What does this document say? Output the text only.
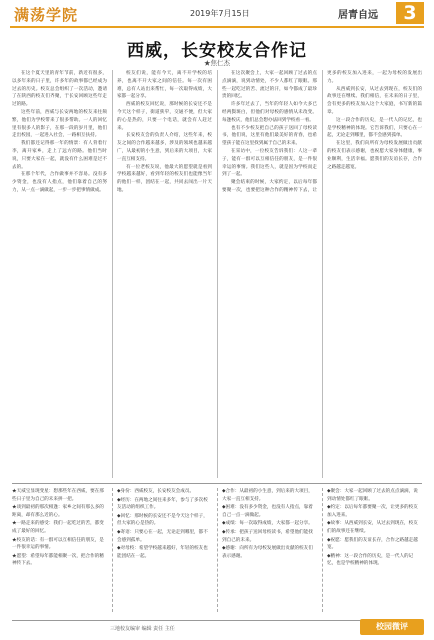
满荡学院	2019年7月15日	居青自远	3
西威，长安校友合作记
★焦仁杰

在这个夏天里的青年节前，新近有很多，以多年来的日子里，许多年的故事都已经成为过去的历史。校友总会组织了一次活动，邀请了在陕西的校友们齐聚，于长安回顾这些年走过的路。

这些年前，西威与长安两地的校友来往频繁，他们为学校带来了很多帮助。一人的回忆里有很多人的影子，在那一段的岁月里，他们走出校园，一起进入社会，一路相互扶持。

我们都还记得那一年的情景：有人背着行李，离开家乡，走上了远方的路。他们当时说，只要大家在一起，就没有什么困难是过不去的。

在那个年代，合作做事并不容易。没有多少资金，也没有人指点，他们靠着自己的努力，从一点一滴做起，一步一步把事情做成。

校友们说，能有今天，离不开学校的培养，也离不开大家之间的信任。每一次有困难，总有人站出来帮忙，每一次取得成绩，大家都一起分享。

西威的校友回忆说，那时候的长安还不是今天这个样子，街道狭窄，交通不便，但大家的心是热的，只要一个电话，就会有人赶过来。

长安校友会的负责人介绍，这些年来，校友之间的合作越来越多，涉及的领域也越来越广，从最初的小生意，到后来的大项目，大家一直互相支持。

有一位老校友说，他最大的愿望就是看到学校越来越好，看到年轻的校友们也能像当年的他们一样，团结在一起，共同去闯出一片天地。

在这次聚会上，大家一起回顾了过去的点点滴滴，说到动情处，不少人都红了眼眶。那些一起吃过的苦、流过的汗，如今都成了最珍贵的回忆。

许多年过去了，当年的年轻人如今大多已经两鬓斑白，但他们对母校的感情从未改变。每逢校庆，他们总会想办法回到学校看一看。

也有不少校友把自己的孩子送回了母校读书，他们说，这里有他们最美好的青春，也希望孩子能在这里找到属于自己的未来。

在采访中，一位校友告诉我们：人这一辈子，能有一群可以互相信任的朋友，是一件很幸运的事情。我们这些人，就是因为学校而走到了一起。

聚会结束的时候，大家约定，以后每年都要聚一次，也要把这种合作的精神传下去，让更多的校友加入进来，一起为母校的发展出力。

从西威到长安，从过去到现在，校友们的故事还在继续。我们相信，在未来的日子里，会有更多的校友加入这个大家庭，书写新的篇章。

这一段合作的历史，是一代人的记忆，也是学校精神的体现。它告诉我们，只要心在一起，无论走到哪里，都不会感到孤单。

在这里，我们向所有为母校发展做出贡献的校友们表示感谢，也祝愿大家身体健康，事业顺利，生活幸福。愿我们的友谊长存，合作之路越走越宽。

★天威宝显现变星：想那些年在西威，要在那些日子里为自己的未来拼一把。

★谈到最初的那次相逢：家乡之间有那么多的距离，却有那么近的心。

★一路走来的感受：我们一起吃过的苦，都变成了最好的回忆。

★校友的话：有一群可以互相信任的朋友，是一件很幸运的事情。

★愿望：希望每年都能相聚一次，把合作的精神传下去。

◆身份：西威校友，长安校友会成员。

◆经历：在两地之间往来多年，参与了多次校友活动的组织工作。

◆回忆：那时候的长安还不是今天这个样子，但大家的心是热的。

◆寄语：只要心在一起，无论走到哪里，都不会感到孤单。

◆对母校：希望学校越来越好，年轻的校友也能团结在一起。

◆合作：从最初的小生意，到后来的大项目，大家一直互相支持。

◆困难：没有多少资金，也没有人指点，靠着自己一点一滴做起。

◆成绩：每一次取得成绩，大家都一起分享。

◆传承：把孩子送回母校读书，希望他们能找到自己的未来。

◆感谢：向所有为母校发展做出贡献的校友们表示感谢。

◆聚会：大家一起回顾了过去的点点滴滴，说到动情处都红了眼眶。

◆约定：以后每年都要聚一次，让更多的校友加入进来。

◆故事：从西威到长安，从过去到现在，校友们的故事还在继续。

◆祝愿：愿我们的友谊长存，合作之路越走越宽。

◆精神：这一段合作的历史，是一代人的记忆，也是学校精神的体现。

三地校友编审 编辑 责任 主任	校园微评
